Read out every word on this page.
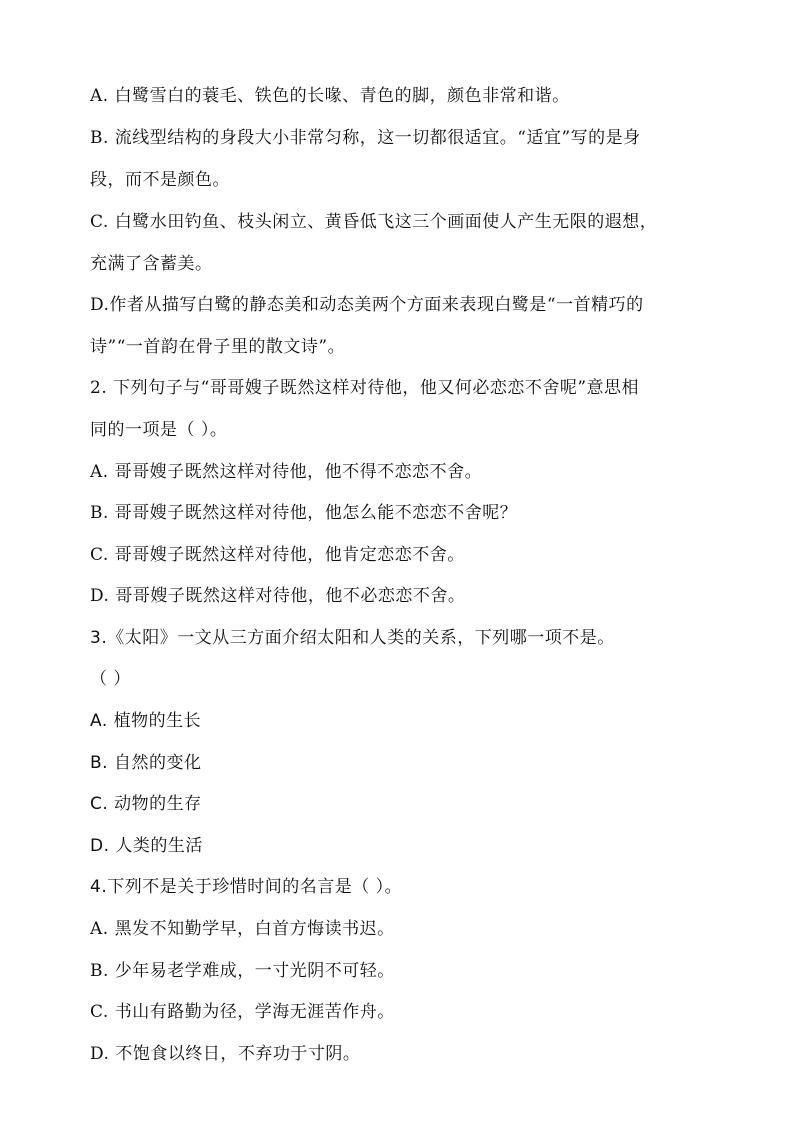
A. 白鹭雪白的蓑毛、铁色的长喙、青色的脚，颜色非常和谐。
B. 流线型结构的身段大小非常匀称，这一切都很适宜。“适宜”写的是身
段，而不是颜色。
C. 白鹭水田钓鱼、枝头闲立、黄昏低飞这三个画面使人产生无限的遐想，
充满了含蓄美。
D.作者从描写白鹭的静态美和动态美两个方面来表现白鹭是“一首精巧的
诗”“一首韵在骨子里的散文诗”。
2. 下列句子与“哥哥嫂子既然这样对待他，他又何必恋恋不舍呢”意思相
同的一项是（ ）。
A. 哥哥嫂子既然这样对待他，他不得不恋恋不舍。
B. 哥哥嫂子既然这样对待他，他怎么能不恋恋不舍呢？
C. 哥哥嫂子既然这样对待他，他肯定恋恋不舍。
D. 哥哥嫂子既然这样对待他，他不必恋恋不舍。
3.《太阳》一文从三方面介绍太阳和人类的关系，下列哪一项不是。
（ ）
A. 植物的生长
B. 自然的变化
C. 动物的生存
D. 人类的生活
4.下列不是关于珍惜时间的名言是（ ）。
A. 黑发不知勤学早，白首方悔读书迟。
B. 少年易老学难成，一寸光阴不可轻。
C. 书山有路勤为径，学海无涯苦作舟。
D. 不饱食以终日，不弃功于寸阴。
